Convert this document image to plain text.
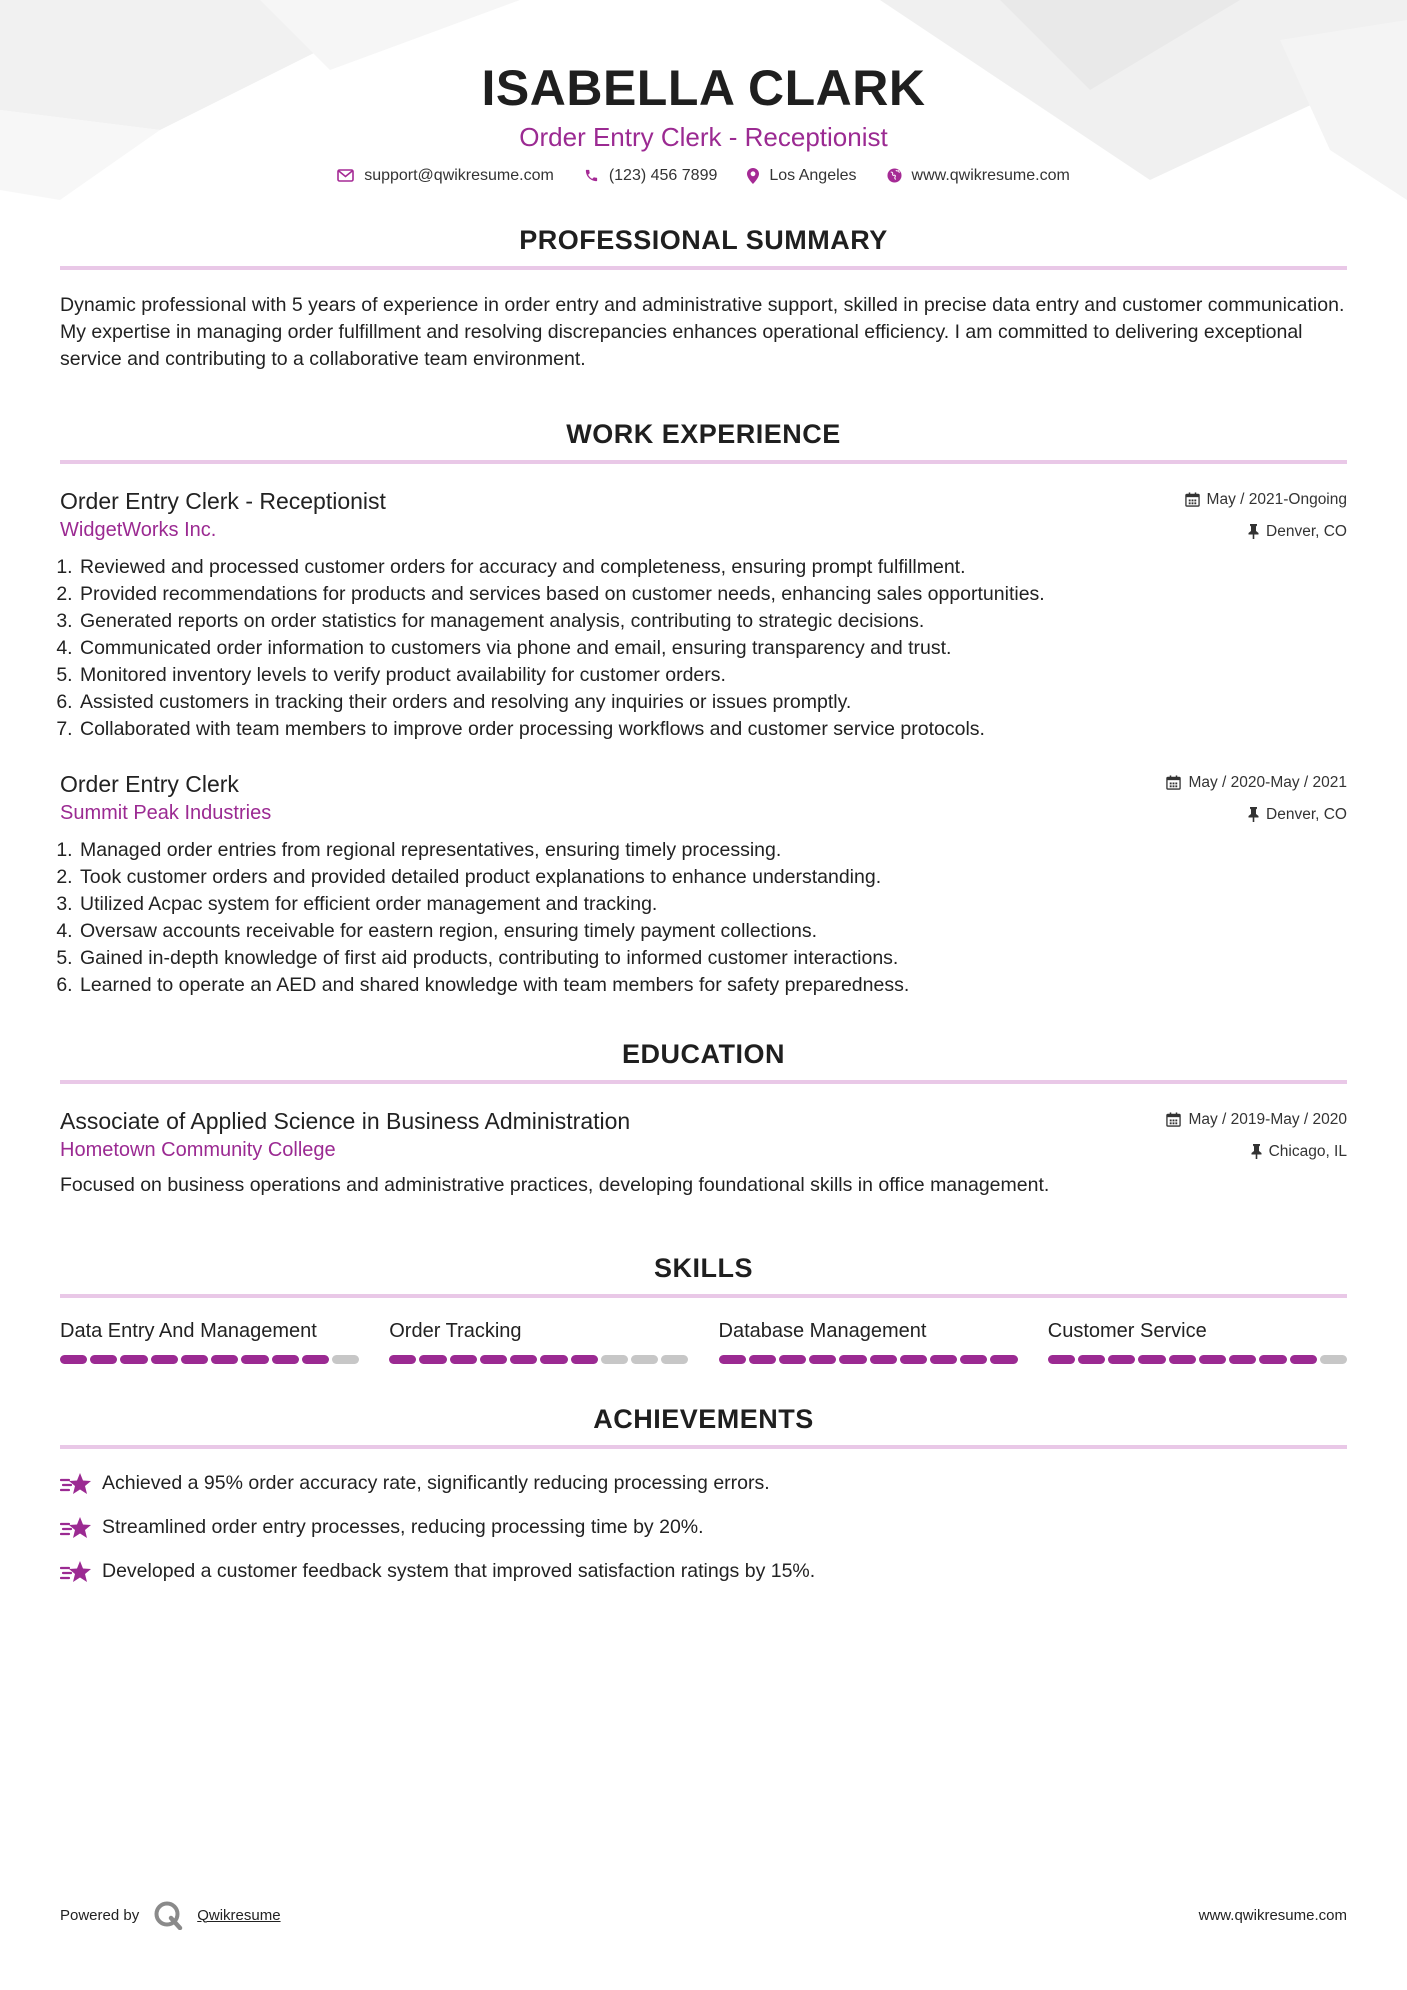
ISABELLA CLARK
Order Entry Clerk - Receptionist
support@qwikresume.com	(123) 456 7899	Los Angeles	www.qwikresume.com
PROFESSIONAL SUMMARY

Dynamic professional with 5 years of experience in order entry and administrative support, skilled in precise data entry and customer communication. My expertise in managing order fulfillment and resolving discrepancies enhances operational efficiency. I am committed to delivering exceptional service and contributing to a collaborative team environment.

WORK EXPERIENCE
Order Entry Clerk - Receptionist
WidgetWorks Inc.
May / 2021-Ongoing
Denver, CO
1. Reviewed and processed customer orders for accuracy and completeness, ensuring prompt fulfillment.
2. Provided recommendations for products and services based on customer needs, enhancing sales opportunities.
3. Generated reports on order statistics for management analysis, contributing to strategic decisions.
4. Communicated order information to customers via phone and email, ensuring transparency and trust.
5. Monitored inventory levels to verify product availability for customer orders.
6. Assisted customers in tracking their orders and resolving any inquiries or issues promptly.
7. Collaborated with team members to improve order processing workflows and customer service protocols.
Order Entry Clerk
Summit Peak Industries
May / 2020-May / 2021
Denver, CO
1. Managed order entries from regional representatives, ensuring timely processing.
2. Took customer orders and provided detailed product explanations to enhance understanding.
3. Utilized Acpac system for efficient order management and tracking.
4. Oversaw accounts receivable for eastern region, ensuring timely payment collections.
5. Gained in-depth knowledge of first aid products, contributing to informed customer interactions.
6. Learned to operate an AED and shared knowledge with team members for safety preparedness.
EDUCATION
Associate of Applied Science in Business Administration
Hometown Community College
May / 2019-May / 2020
Chicago, IL

Focused on business operations and administrative practices, developing foundational skills in office management.

SKILLS
Data Entry And Management	Order Tracking	Database Management	Customer Service
ACHIEVEMENTS
Achieved a 95% order accuracy rate, significantly reducing processing errors.
Streamlined order entry processes, reducing processing time by 20%.
Developed a customer feedback system that improved satisfaction ratings by 15%.
Powered by	Qwikresume	www.qwikresume.com
